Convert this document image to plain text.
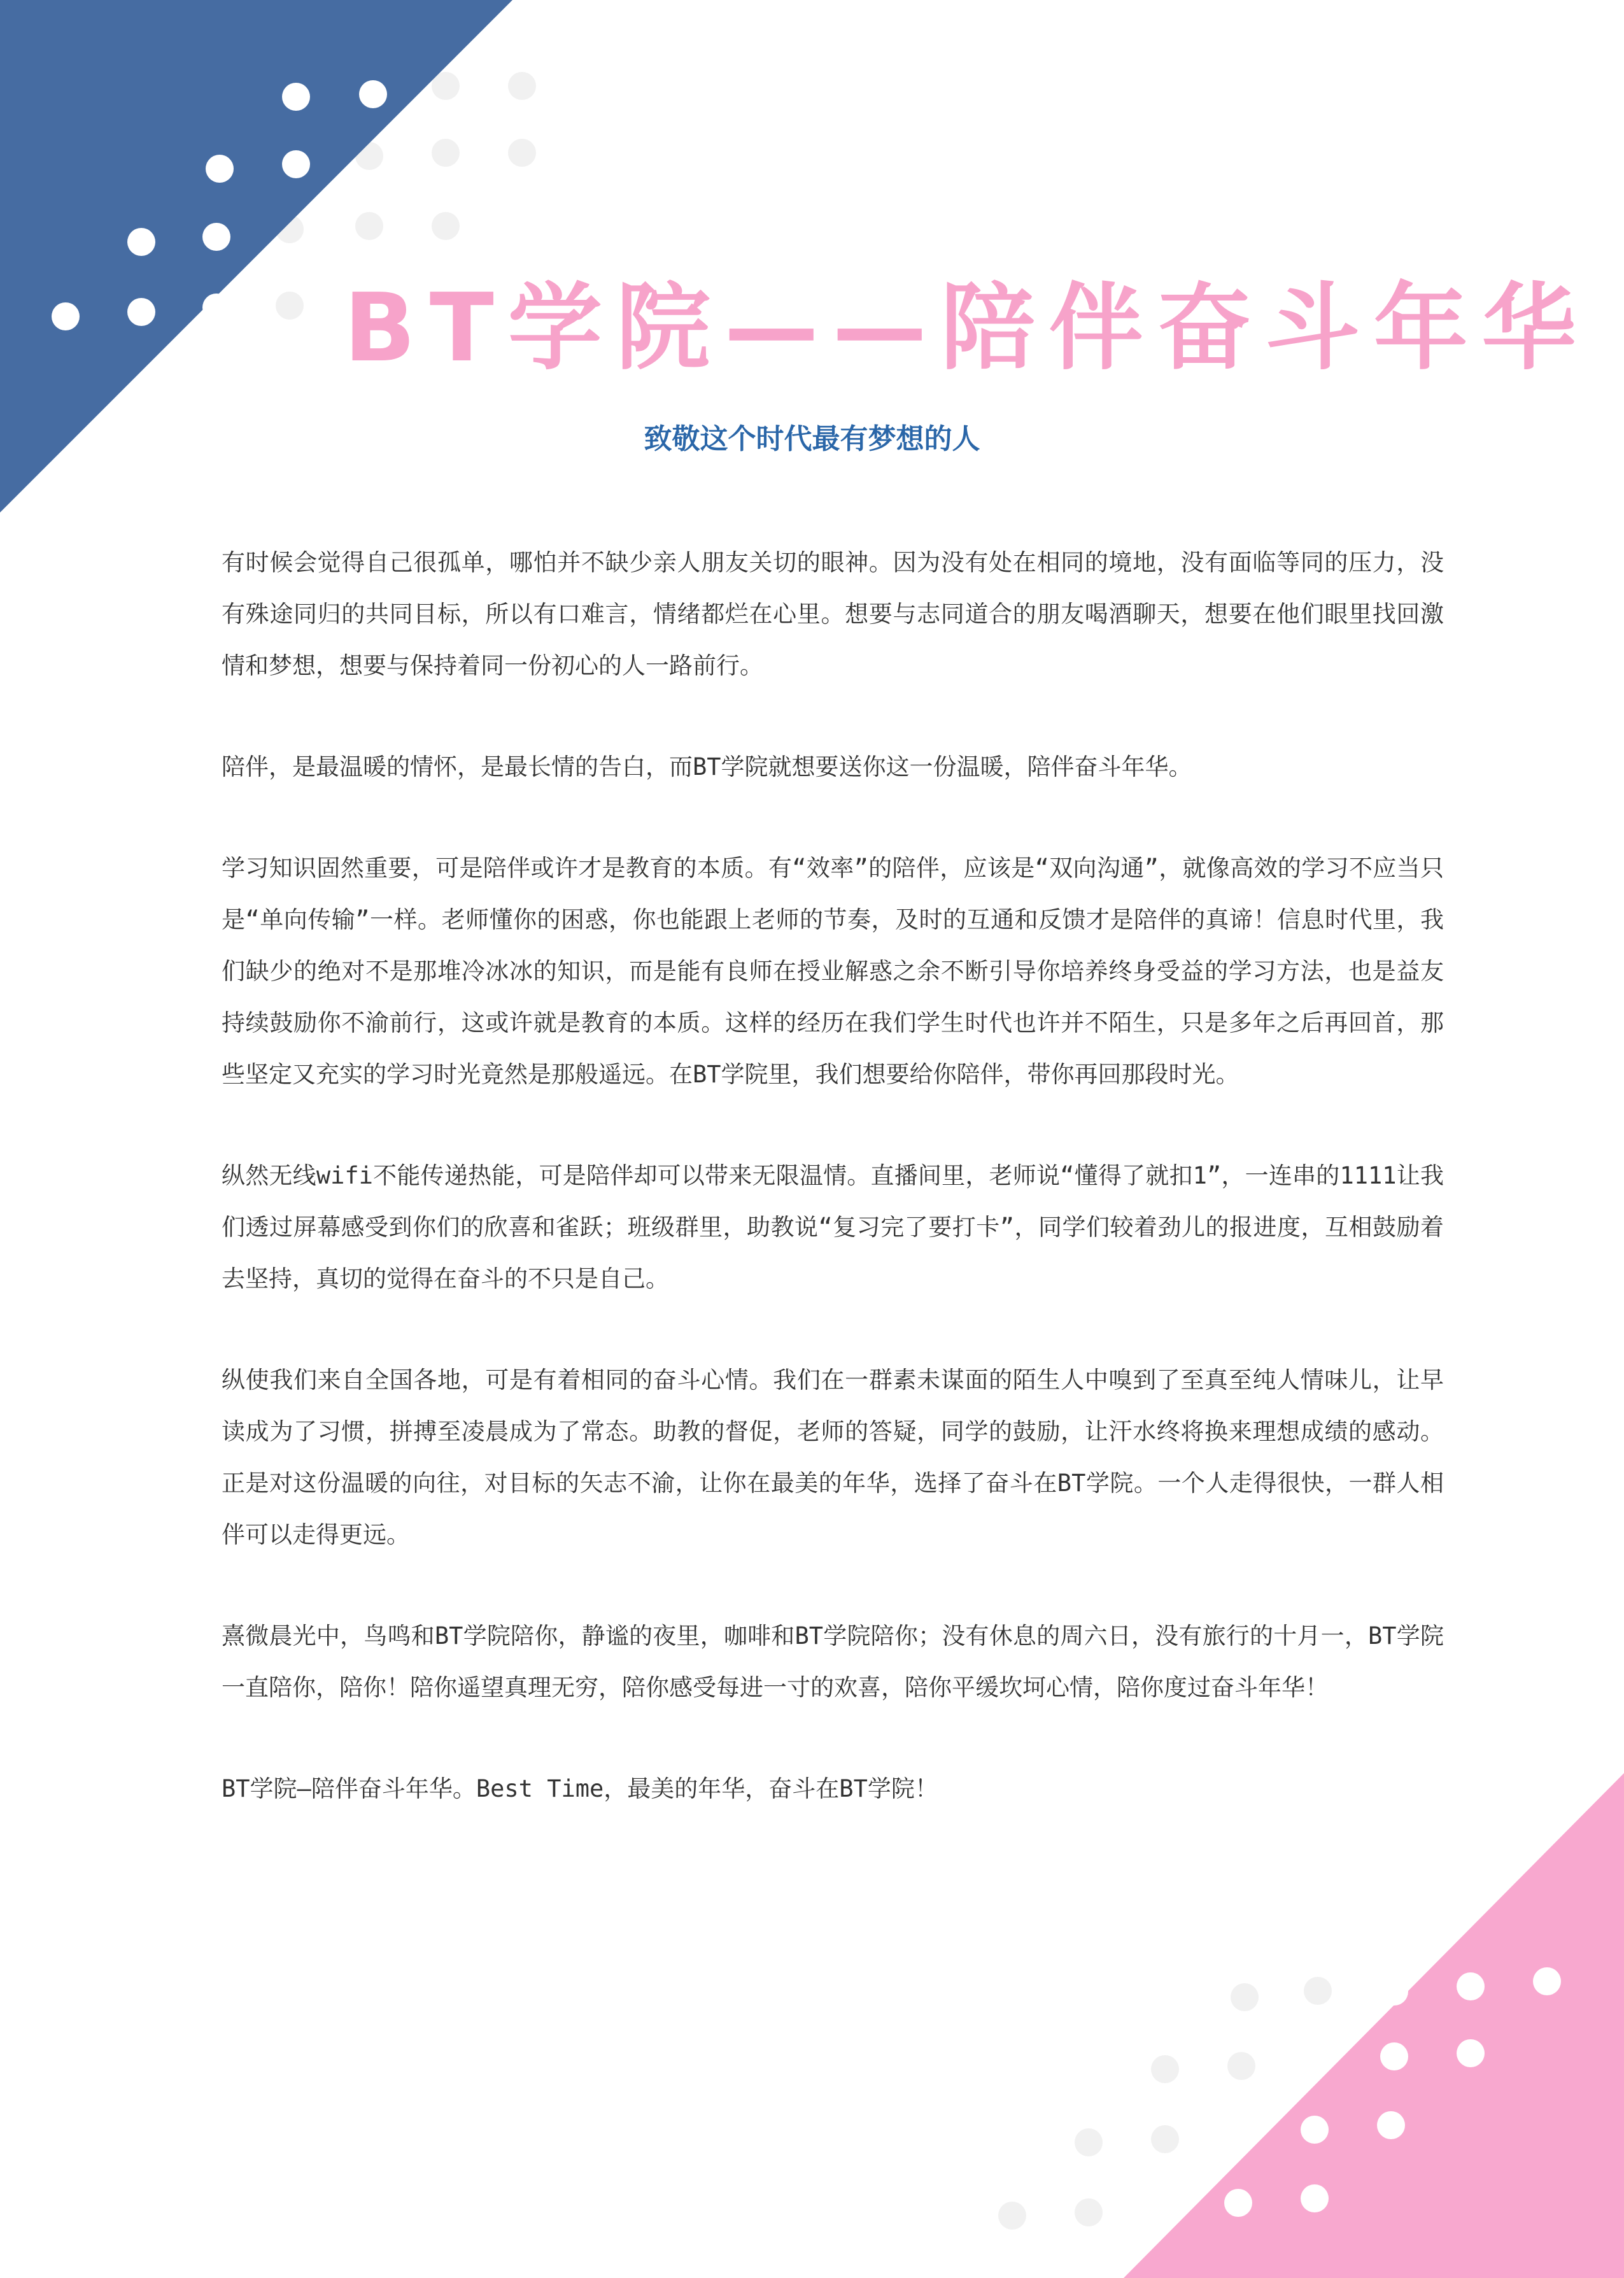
BT学院——陪伴奋斗年华
致敬这个时代最有梦想的人

有时候会觉得自己很孤单，哪怕并不缺少亲人朋友关切的眼神。因为没有处在相同的境地，没有面临等同的压力，没有殊途同归的共同目标，所以有口难言，情绪都烂在心里。想要与志同道合的朋友喝酒聊天，想要在他们眼里找回激情和梦想，想要与保持着同一份初心的人一路前行。

陪伴，是最温暖的情怀，是最长情的告白，而BT学院就想要送你这一份温暖，陪伴奋斗年华。

学习知识固然重要，可是陪伴或许才是教育的本质。有“效率”的陪伴，应该是“双向沟通”，就像高效的学习不应当只是“单向传输”一样。老师懂你的困惑，你也能跟上老师的节奏，及时的互通和反馈才是陪伴的真谛！信息时代里，我们缺少的绝对不是那堆冷冰冰的知识，而是能有良师在授业解惑之余不断引导你培养终身受益的学习方法，也是益友持续鼓励你不渝前行，这或许就是教育的本质。这样的经历在我们学生时代也许并不陌生，只是多年之后再回首，那些坚定又充实的学习时光竟然是那般遥远。在BT学院里，我们想要给你陪伴，带你再回那段时光。

纵然无线wifi不能传递热能，可是陪伴却可以带来无限温情。直播间里，老师说“懂得了就扣1”，一连串的1111让我们透过屏幕感受到你们的欣喜和雀跃；班级群里，助教说“复习完了要打卡”，同学们较着劲儿的报进度，互相鼓励着去坚持，真切的觉得在奋斗的不只是自己。

纵使我们来自全国各地，可是有着相同的奋斗心情。我们在一群素未谋面的陌生人中嗅到了至真至纯人情味儿，让早读成为了习惯，拼搏至凌晨成为了常态。助教的督促，老师的答疑，同学的鼓励，让汗水终将换来理想成绩的感动。正是对这份温暖的向往，对目标的矢志不渝，让你在最美的年华，选择了奋斗在BT学院。一个人走得很快，一群人相伴可以走得更远。

熹微晨光中，鸟鸣和BT学院陪你，静谧的夜里，咖啡和BT学院陪你；没有休息的周六日，没有旅行的十月一，BT学院一直陪你，陪你！陪你遥望真理无穷，陪你感受每进一寸的欢喜，陪你平缓坎坷心情，陪你度过奋斗年华！

BT学院—陪伴奋斗年华。Best Time，最美的年华，奋斗在BT学院！
